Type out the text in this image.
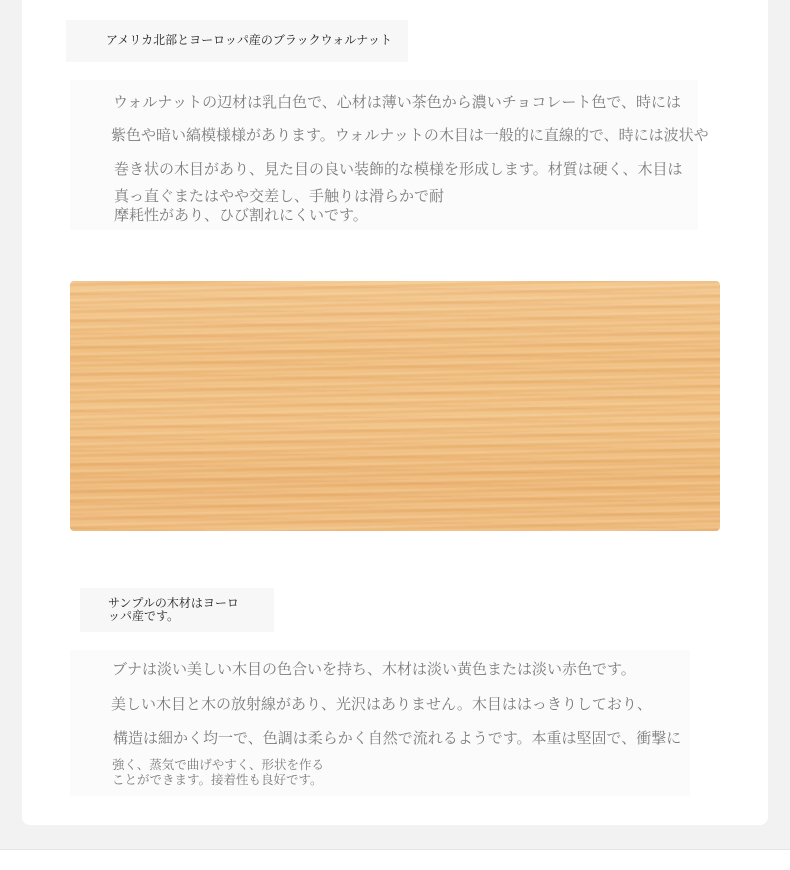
アメリカ北部とヨーロッパ産のブラックウォルナット

ウォルナットの辺材は乳白色で、心材は薄い茶色から濃いチョコレート色で、時には

紫色や暗い縞模様様があります。ウォルナットの木目は一般的に直線的で、時には波状や

巻き状の木目があり、見た目の良い装飾的な模様を形成します。材質は硬く、木目は

真っ直ぐまたはやや交差し、手触りは滑らかで耐

摩耗性があり、ひび割れにくいです。

サンプルの木材はヨーロッパ産です。

ブナは淡い美しい木目の色合いを持ち、木材は淡い黄色または淡い赤色です。

美しい木目と木の放射線があり、光沢はありません。木目ははっきりしており、

構造は細かく均一で、色調は柔らかく自然で流れるようです。本重は堅固で、衝撃に

強く、蒸気で曲げやすく、形状を作る

ことができます。接着性も良好です。
